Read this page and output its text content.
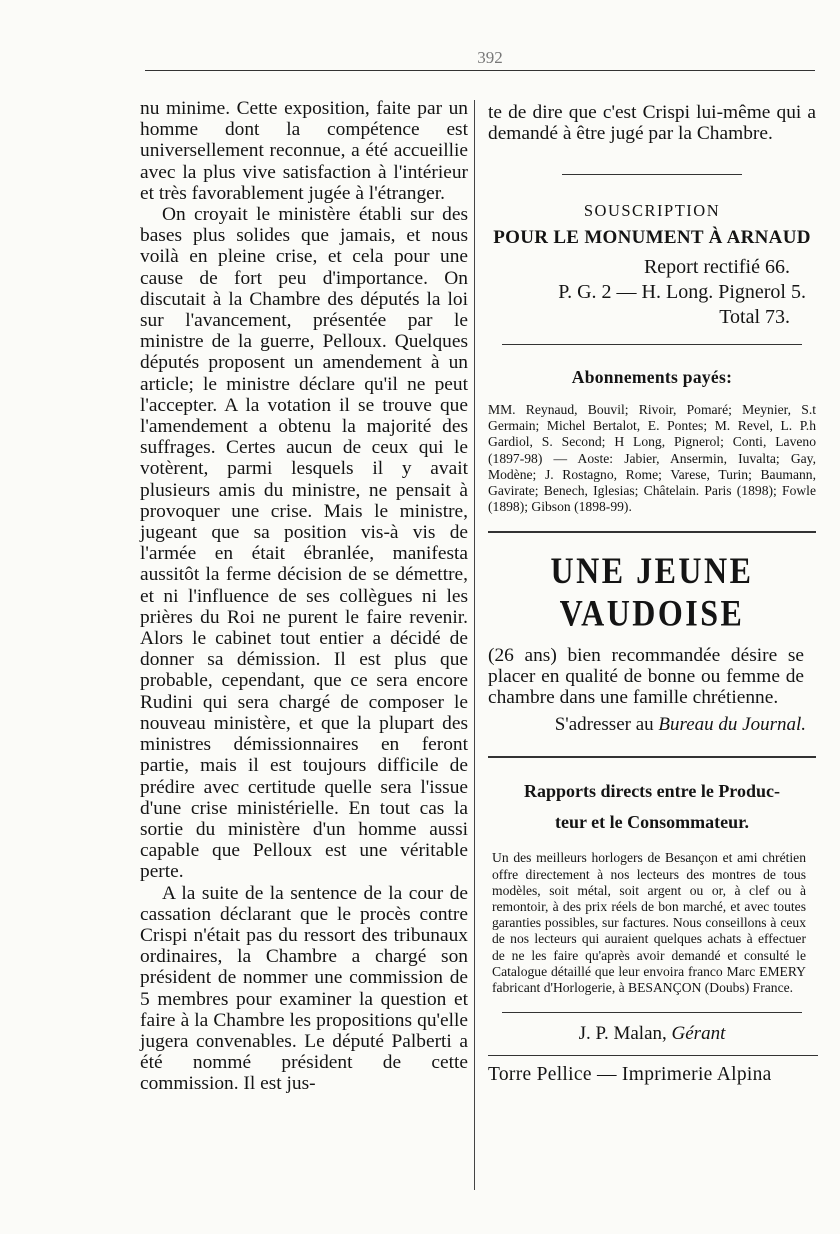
392

nu minime. Cette exposition, faite par un homme dont la compétence est universellement reconnue, a été accueillie avec la plus vive satisfaction à l'intérieur et très favorablement jugée à l'étranger.

On croyait le ministère établi sur des bases plus solides que jamais, et nous voilà en pleine crise, et cela pour une cause de fort peu d'importance. On discutait à la Chambre des députés la loi sur l'avancement, présentée par le ministre de la guerre, Pelloux. Quelques députés proposent un amendement à un article; le ministre déclare qu'il ne peut l'accepter. A la votation il se trouve que l'amendement a obtenu la majorité des suffrages. Certes aucun de ceux qui le votèrent, parmi lesquels il y avait plusieurs amis du ministre, ne pensait à provoquer une crise. Mais le ministre, jugeant que sa position vis-à vis de l'armée en était ébranlée, manifesta aussitôt la ferme décision de se démettre, et ni l'influence de ses collègues ni les prières du Roi ne purent le faire revenir. Alors le cabinet tout entier a décidé de donner sa démission. Il est plus que probable, cependant, que ce sera encore Rudini qui sera chargé de composer le nouveau ministère, et que la plupart des ministres démissionnaires en feront partie, mais il est toujours difficile de prédire avec certitude quelle sera l'issue d'une crise ministérielle. En tout cas la sortie du ministère d'un homme aussi capable que Pelloux est une véritable perte.

A la suite de la sentence de la cour de cassation déclarant que le procès contre Crispi n'était pas du ressort des tribunaux ordinaires, la Chambre a chargé son président de nommer une commission de 5 membres pour examiner la question et faire à la Chambre les propositions qu'elle jugera convenables. Le député Palberti a été nommé président de cette commission. Il est jus-

te de dire que c'est Crispi lui-même qui a demandé à être jugé par la Chambre.

SOUSCRIPTION
POUR LE MONUMENT À ARNAUD
Report rectifié 66.
P. G. 2 — H. Long. Pignerol 5.
Total 73.
Abonnements payés:
MM. Reynaud, Bouvil; Rivoir, Pomaré; Meynier, S.t Germain; Michel Bertalot, E. Pontes; M. Revel, L. P.h Gardiol, S. Second; H Long, Pignerol; Conti, Laveno (1897-98) — Aoste: Jabier, Ansermin, Iuvalta; Gay, Modène; J. Rostagno, Rome; Varese, Turin; Baumann, Gavirate; Benech, Iglesias; Châtelain. Paris (1898); Fowle (1898); Gibson (1898-99).
UNE JEUNE VAUDOISE
(26 ans) bien recommandée désire se placer en qualité de bonne ou femme de chambre dans une famille chrétienne.
S'adresser au Bureau du Journal.
Rapports directs entre le Produc-
teur et le Consommateur.
Un des meilleurs horlogers de Besançon et ami chrétien offre directement à nos lecteurs des montres de tous modèles, soit métal, soit argent ou or, à clef ou à remontoir, à des prix réels de bon marché, et avec toutes garanties possibles, sur factures. Nous conseillons à ceux de nos lecteurs qui auraient quelques achats à effectuer de ne les faire qu'après avoir demandé et consulté le Catalogue détaillé que leur envoira franco Marc EMERY fabricant d'Horlogerie, à BESANÇON (Doubs) France.
J. P. Malan, Gérant
Torre Pellice — Imprimerie Alpina
